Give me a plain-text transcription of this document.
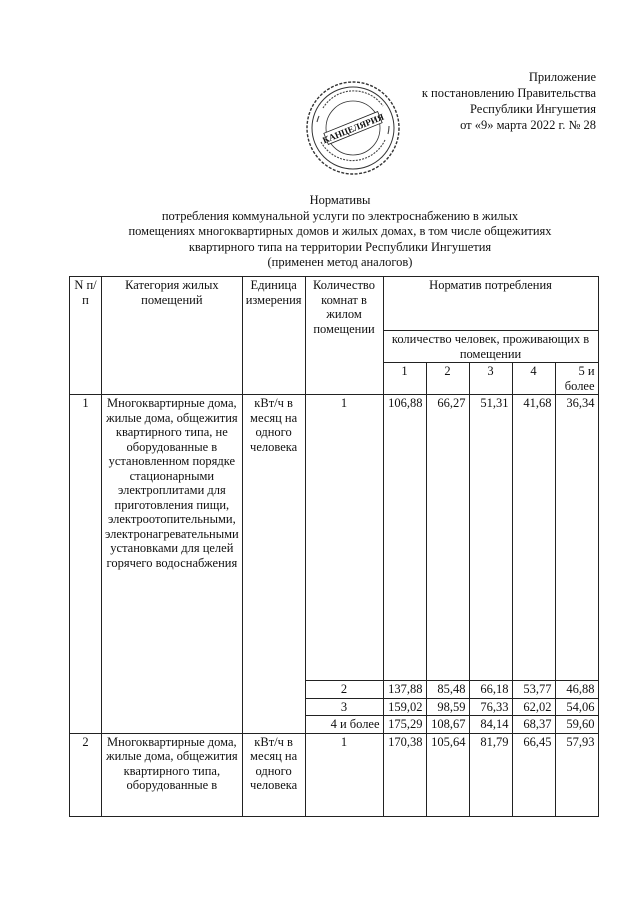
Приложение
к постановлению Правительства
Республики Ингушетия
от «9» марта 2022 г. № 28
КАНЦЕЛЯРИЯ
Нормативы
потребления коммунальной услуги по электроснабжению в жилых
помещениях многоквартирных домов и жилых домах, в том числе общежитиях
квартирного типа на территории Республики Ингушетия
(применен метод аналогов)
N п/п	Категория жилых помещений	Единица измерения	Количество комнат в жилом помещении	Норматив потребления				
				количество человек, проживающих в помещении				
				1	2	3	4	5 и более
1	Многоквартирные дома, жилые дома, общежития квартирного типа, не оборудованные в установленном порядке стационарными электроплитами для приготовления пищи, электроотопительными, электронагревательными установками для целей горячего водоснабжения	кВт/ч в месяц на одного человека	1	106,88	66,27	51,31	41,68	36,34
			2	137,88	85,48	66,18	53,77	46,88
			3	159,02	98,59	76,33	62,02	54,06
			4 и более	175,29	108,67	84,14	68,37	59,60
2	Многоквартирные дома, жилые дома, общежития квартирного типа, оборудованные в	кВт/ч в месяц на одного человека	1	170,38	105,64	81,79	66,45	57,93
